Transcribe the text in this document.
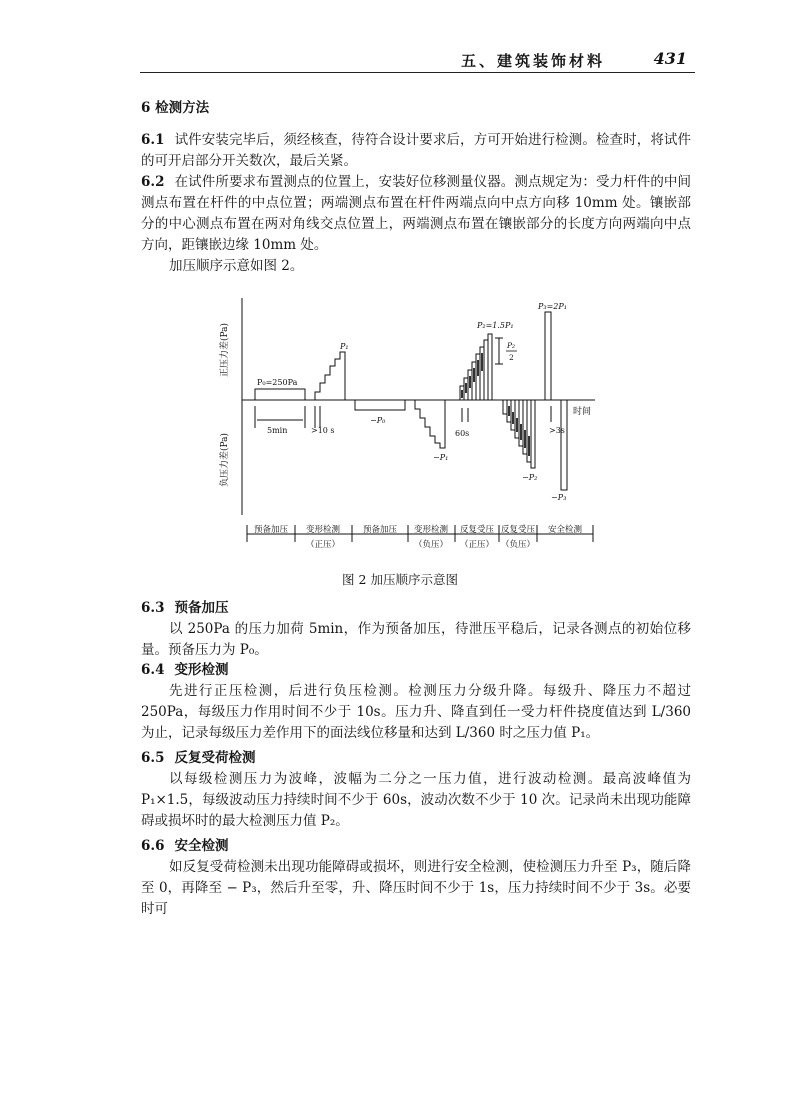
五、建筑装饰材料	431

6 检测方法

6.1 试件安装完毕后，须经核查，待符合设计要求后，方可开始进行检测。检查时，将试件的可开启部分开关数次，最后关紧。

6.2 在试件所要求布置测点的位置上，安装好位移测量仪器。测点规定为：受力杆件的中间测点布置在杆件的中点位置；两端测点布置在杆件两端点向中点方向移 10mm 处。镶嵌部分的中心测点布置在两对角线交点位置上，两端测点布置在镶嵌部分的长度方向两端向中点方向，距镶嵌边缘 10mm 处。

加压顺序示意如图 2。

正压力差(Pa)
负压力差(Pa)
时间
P₀=250Pa
P₁
−P₀
−P₁
P₂=1.5P₁
P₂
2
−P₂
P₃=2P₁
−P₃
5min	>10 s	60s	>3s
预备加压 变形检测
（正压）
预备加压 变形检测
（负压）
反复受压
（正压）
反复受压
（负压）
安全检测
图 2 加压顺序示意图

6.3 预备加压

以 250Pa 的压力加荷 5min，作为预备加压，待泄压平稳后，记录各测点的初始位移量。预备压力为 P₀。

6.4 变形检测

先进行正压检测，后进行负压检测。检测压力分级升降。每级升、降压力不超过 250Pa，每级压力作用时间不少于 10s。压力升、降直到任一受力杆件挠度值达到 L/360 为止，记录每级压力差作用下的面法线位移量和达到 L/360 时之压力值 P₁。

6.5 反复受荷检测

以每级检测压力为波峰，波幅为二分之一压力值，进行波动检测。最高波峰值为 P₁×1.5，每级波动压力持续时间不少于 60s，波动次数不少于 10 次。记录尚未出现功能障碍或损坏时的最大检测压力值 P₂。

6.6 安全检测

如反复受荷检测未出现功能障碍或损坏，则进行安全检测，使检测压力升至 P₃，随后降至 0，再降至 − P₃，然后升至零，升、降压时间不少于 1s，压力持续时间不少于 3s。必要时可
